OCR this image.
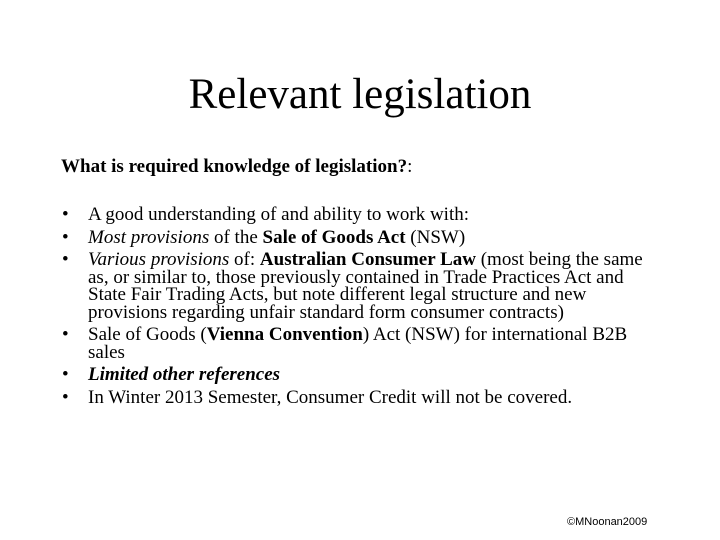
Relevant legislation
What is required knowledge of legislation?:
• A good understanding of and ability to work with:
• Most provisions of the Sale of Goods Act (NSW)
• Various provisions of: Australian Consumer Law (most being the same as, or similar to, those previously contained in Trade Practices Act and State Fair Trading Acts, but note different legal structure and new provisions regarding unfair standard form consumer contracts)
• Sale of Goods (Vienna Convention) Act (NSW) for international B2B sales
• Limited other references
• In Winter 2013 Semester, Consumer Credit will not be covered.
©MNoonan2009
